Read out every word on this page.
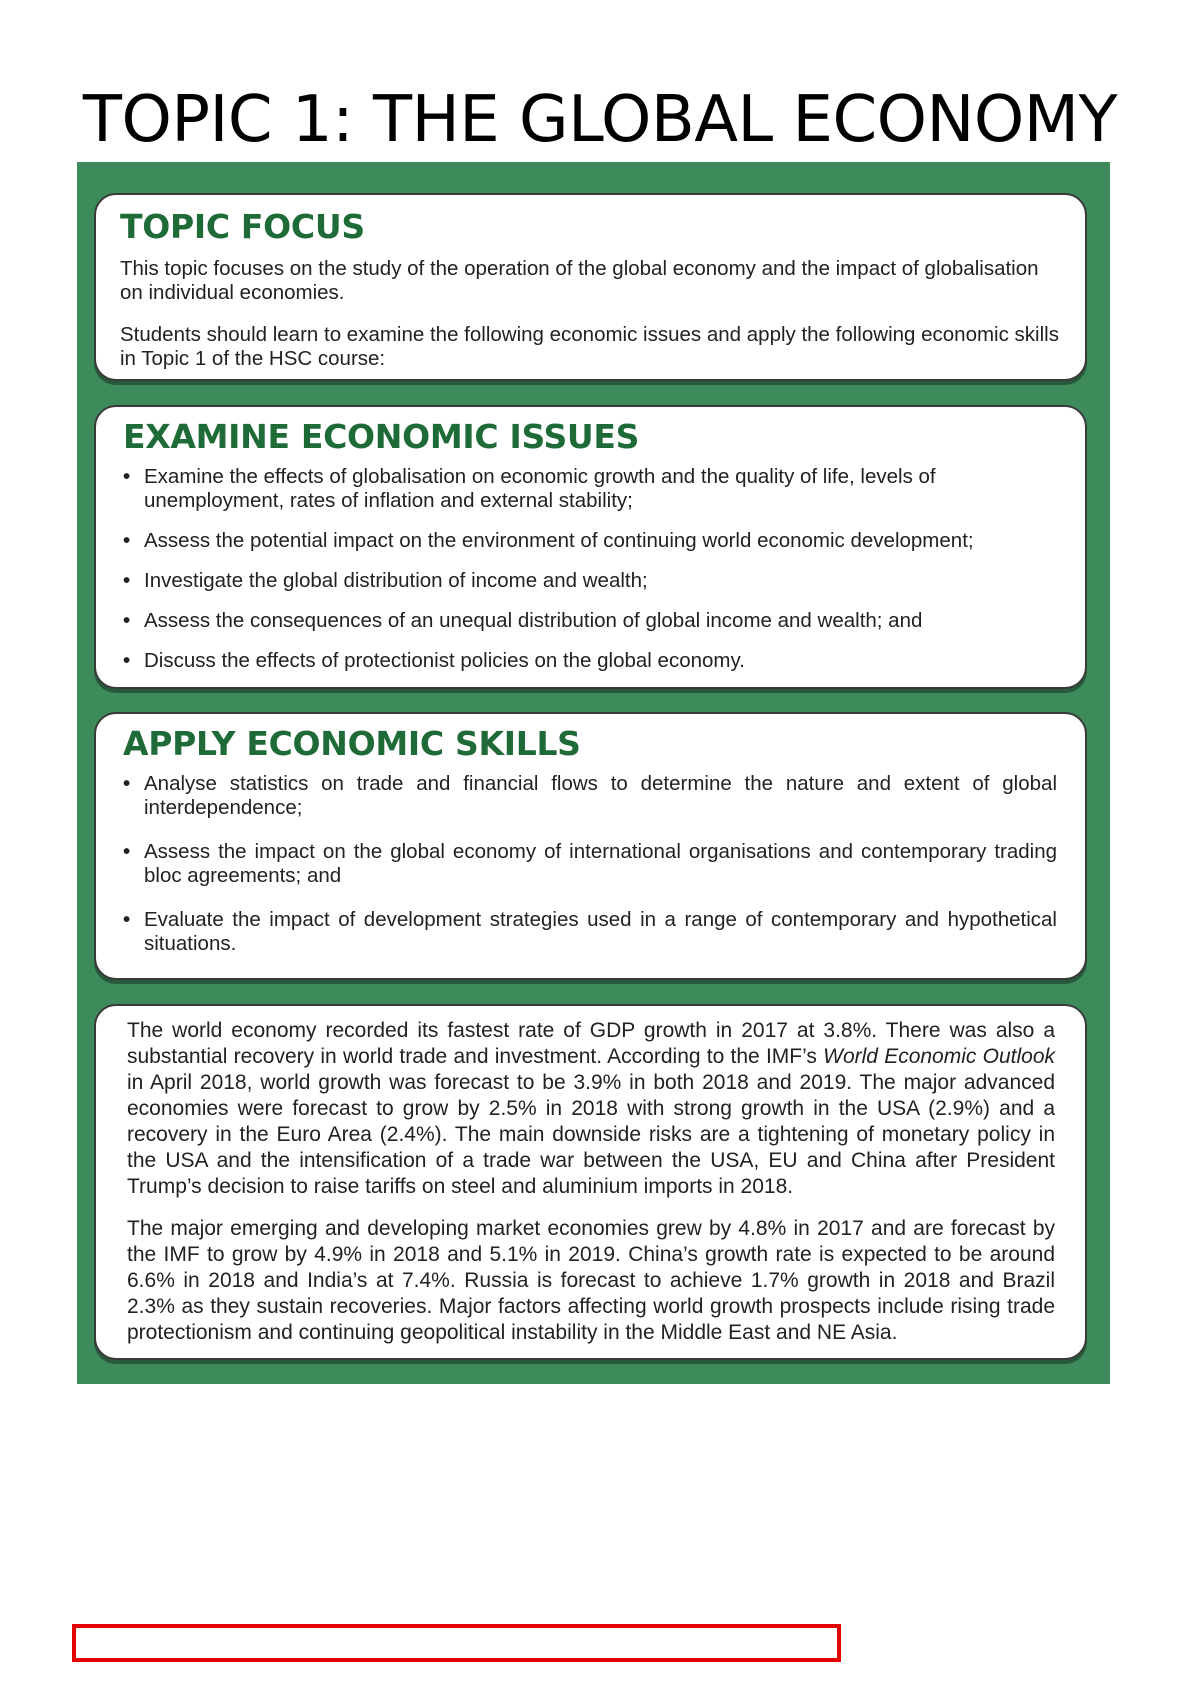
TOPIC 1: THE GLOBAL ECONOMY
TOPIC FOCUS

This topic focuses on the study of the operation of the global economy and the impact of globalisation on individual economies.

Students should learn to examine the following economic issues and apply the following economic skills in Topic 1 of the HSC course:

EXAMINE ECONOMIC ISSUES
• Examine the effects of globalisation on economic growth and the quality of life, levels of unemployment, rates of inflation and external stability;
• Assess the potential impact on the environment of continuing world economic development;
• Investigate the global distribution of income and wealth;
• Assess the consequences of an unequal distribution of global income and wealth; and
• Discuss the effects of protectionist policies on the global economy.
APPLY ECONOMIC SKILLS
• Analyse statistics on trade and financial flows to determine the nature and extent of global interdependence;
• Assess the impact on the global economy of international organisations and contemporary trading bloc agreements; and
• Evaluate the impact of development strategies used in a range of contemporary and hypothetical situations.

The world economy recorded its fastest rate of GDP growth in 2017 at 3.8%. There was also a substantial recovery in world trade and investment. According to the IMF’s World Economic Outlook in April 2018, world growth was forecast to be 3.9% in both 2018 and 2019. The major advanced economies were forecast to grow by 2.5% in 2018 with strong growth in the USA (2.9%) and a recovery in the Euro Area (2.4%). The main downside risks are a tightening of monetary policy in the USA and the intensification of a trade war between the USA, EU and China after President Trump’s decision to raise tariffs on steel and aluminium imports in 2018.

The major emerging and developing market economies grew by 4.8% in 2017 and are forecast by the IMF to grow by 4.9% in 2018 and 5.1% in 2019. China’s growth rate is expected to be around 6.6% in 2018 and India’s at 7.4%. Russia is forecast to achieve 1.7% growth in 2018 and Brazil 2.3% as they sustain recoveries. Major factors affecting world growth prospects include rising trade protectionism and continuing geopolitical instability in the Middle East and NE Asia.
